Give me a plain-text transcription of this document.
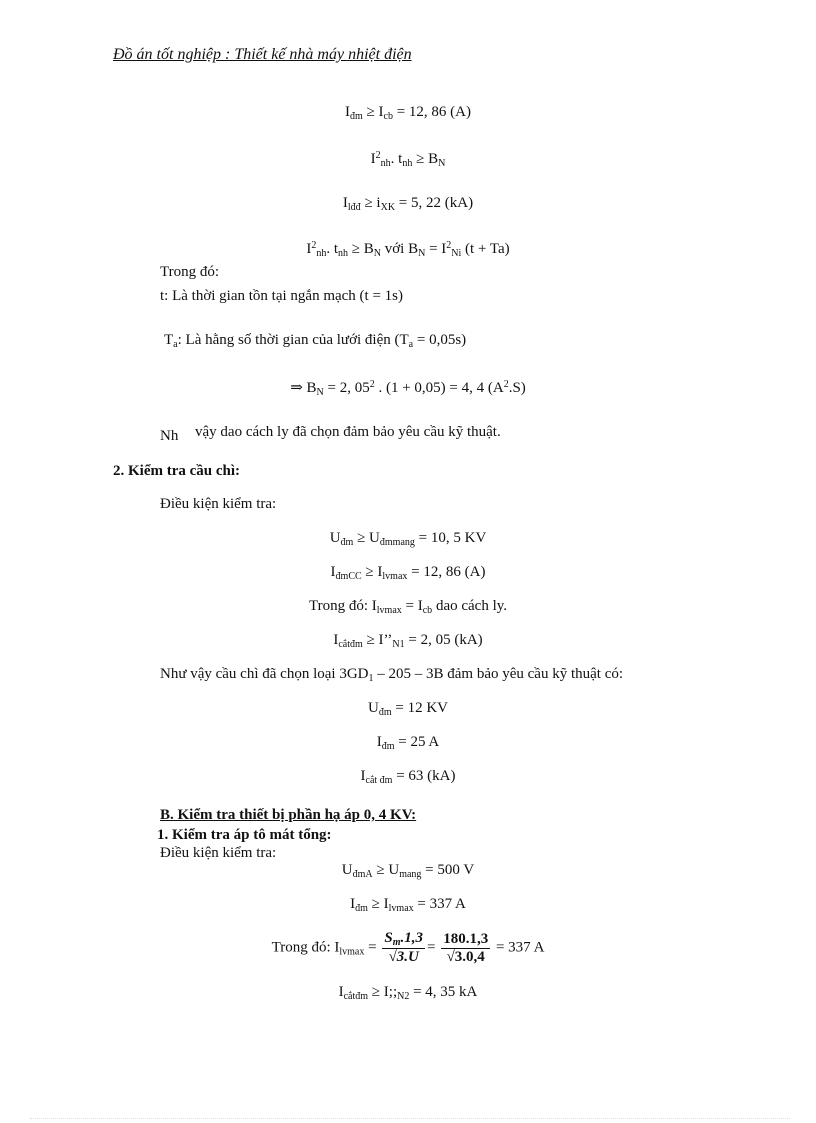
Đồ án tốt nghiệp : Thiết kế nhà máy nhiệt điện
$I_{đm} \ge I_{cb} = 12$, 86 (A)
$I^2_{nh}$. $t_{nh} \ge B_N$
$I_{lđđ} \ge i_{XK} = 5$, 22 (kA)
$I^2_{nh}$. $t_{nh} \ge B_N$ với $B_N = I^2_{Ni}$ (t + Ta)
Trong đó:
t: Là thời gian tồn tại ngắn mạch (t = 1s)
$T_a$: Là hằng số thời gian của lưới điện $(T_a = 0,05s)$
⇒ $B_N = 2$, $05^2$ . (1 + 0,05) = 4, 4 $(A^2.S)$
Nh vậy dao cách ly đã chọn đảm bảo yêu cầu kỹ thuật.
2. Kiểm tra cầu chì:
Điều kiện kiểm tra:
$U_{đm} \ge U_{đmmang} = 10$, 5 KV
$I_{đmCC} \ge I_{lvmax} = 12$, 86 (A)
Trong đó: $I_{lvmax} = I_{cb}$ dao cách ly.
$I_{cắtđm}$ ≥ $I’’_{N1} = 2$, 05 (kA)
Như vậy cầu chì đã chọn loại $3GD_1 - 205 - 3B$ đảm bảo yêu cầu kỹ thuật có:
$U_{đm} = 12$ KV
$I_{đm} = 25$ A
$I_{cắt đm} = 63$ (kA)
B. Kiểm tra thiết bị phần hạ áp 0, 4 KV:
1. Kiểm tra áp tô mát tổng:
Điều kiện kiểm tra:
$U_{đmA} \ge U_{mang} = 500$ V
$I_{đm} \ge I_{lvmax} = 337$ A
Trong đó: $I_{lvmax} = \frac{S_m.1,3}{√3.U} = \frac{180.1,3}{√3.0,4} = 337$ A
$I_{cắtđm}$ ≥ $I;;_{N2} = 4$, 35 kA
